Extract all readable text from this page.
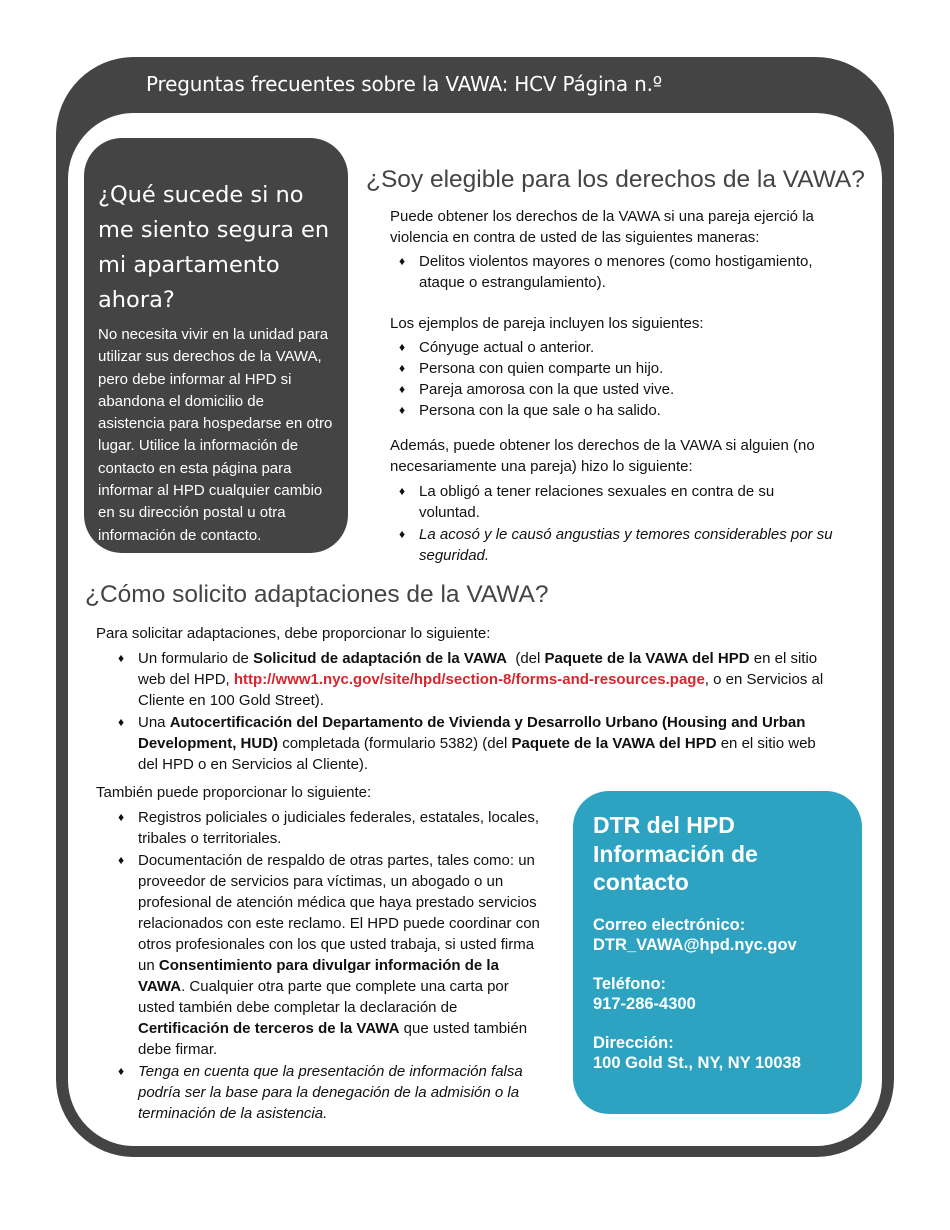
Preguntas frecuentes sobre la VAWA: HCV Página n.º
¿Qué sucede si no me siento segura en mi apartamento ahora?

No necesita vivir en la unidad para utilizar sus derechos de la VAWA, pero debe informar al HPD si abandona el domicilio de asistencia para hospedarse en otro lugar. Utilice la información de contacto en esta página para informar al HPD cualquier cambio en su dirección postal u otra información de contacto.

¿Soy elegible para los derechos de la VAWA?

Puede obtener los derechos de la VAWA si una pareja ejerció la violencia en contra de usted de las siguientes maneras:

♦ Delitos violentos mayores o menores (como hostigamiento, ataque o estrangulamiento).

Los ejemplos de pareja incluyen los siguientes:

♦ Cónyuge actual o anterior.
♦ Persona con quien comparte un hijo.
♦ Pareja amorosa con la que usted vive.
♦ Persona con la que sale o ha salido.

Además, puede obtener los derechos de la VAWA si alguien (no necesariamente una pareja) hizo lo siguiente:

♦ La obligó a tener relaciones sexuales en contra de su voluntad.
♦ La acosó y le causó angustias y temores considerables por su seguridad.
¿Cómo solicito adaptaciones de la VAWA?

Para solicitar adaptaciones, debe proporcionar lo siguiente:

♦ Un formulario de Solicitud de adaptación de la VAWA  (del Paquete de la VAWA del HPD en el sitio web del HPD, http://www1.nyc.gov/site/hpd/section-8/forms-and-resources.page, o en Servicios al Cliente en 100 Gold Street).
♦ Una Autocertificación del Departamento de Vivienda y Desarrollo Urbano (Housing and Urban Development, HUD) completada (formulario 5382) (del Paquete de la VAWA del HPD en el sitio web del HPD o en Servicios al Cliente).

También puede proporcionar lo siguiente:

♦ Registros policiales o judiciales federales, estatales, locales, tribales o territoriales.
♦ Documentación de respaldo de otras partes, tales como: un proveedor de servicios para víctimas, un abogado o un profesional de atención médica que haya prestado servicios relacionados con este reclamo. El HPD puede coordinar con otros profesionales con los que usted trabaja, si usted firma un Consentimiento para divulgar información de la VAWA. Cualquier otra parte que complete una carta por usted también debe completar la declaración de Certificación de terceros de la VAWA que usted también debe firmar.
♦ Tenga en cuenta que la presentación de información falsa podría ser la base para la denegación de la admisión o la terminación de la asistencia.
DTR del HPD Información de contacto
Correo electrónico:
DTR_VAWA@hpd.nyc.gov
Teléfono:
917-286-4300
Dirección:
100 Gold St., NY, NY 10038
